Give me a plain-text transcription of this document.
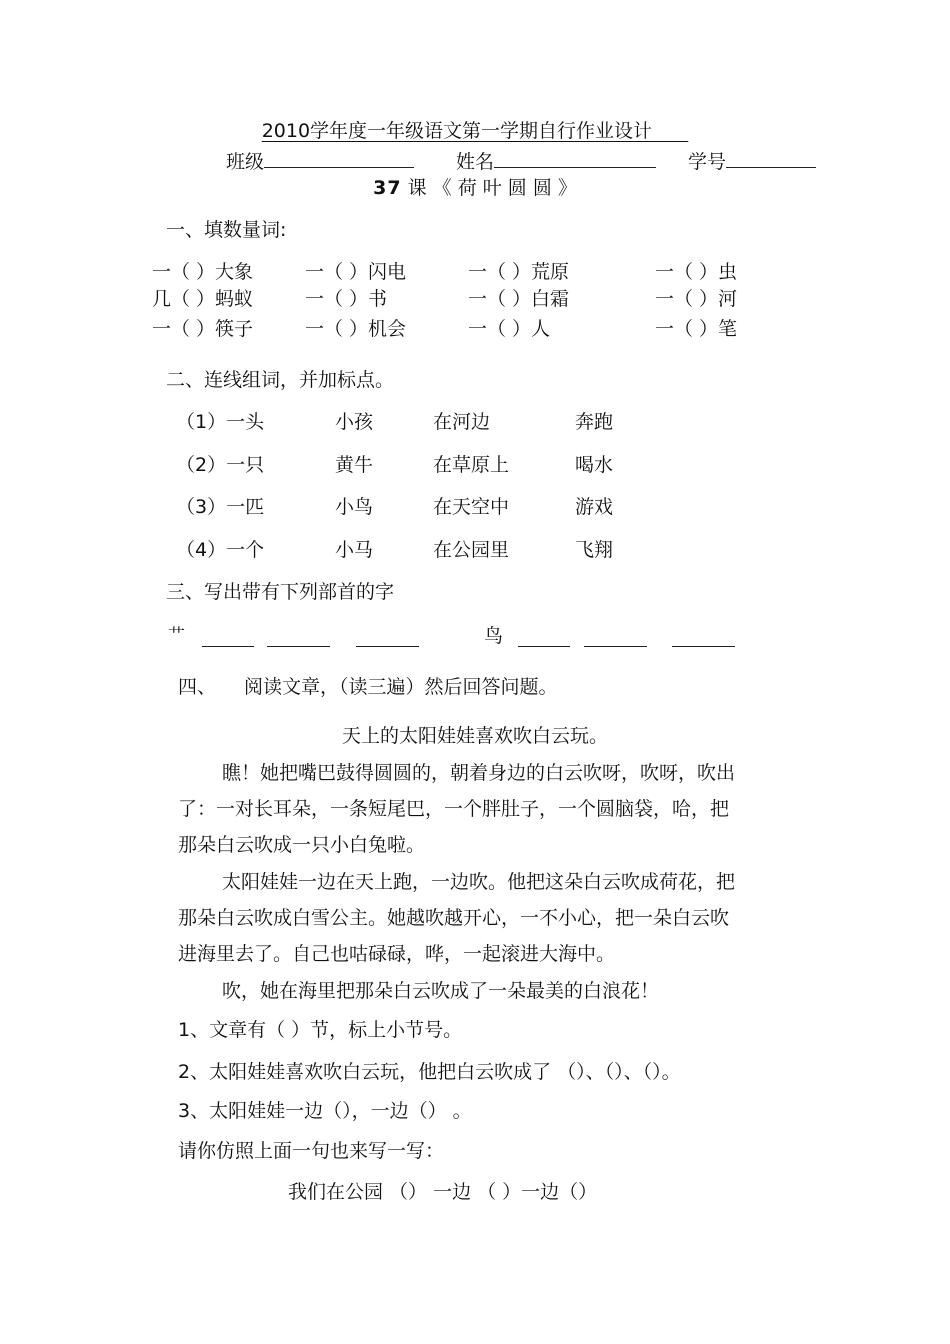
2010学年度一年级语文第一学期自行作业设计
班级	姓名	学号
37 课 《 荷 叶 圆 圆 》
一、填数量词:
一（ ）大象	一（ ）闪电	一（ ）荒原	一（ ）虫
几（ ）蚂蚁	一（ ）书	一（ ）白霜	一（ ）河
一（ ）筷子	一（ ）机会	一（ ）人	一（ ）笔
二、连线组词，并加标点。
（1）一头	小孩	在河边	奔跑
（2）一只	黄牛	在草原上	喝水
（3）一匹	小鸟	在天空中	游戏
（4）一个	小马	在公园里	飞翔
三、写出带有下列部首的字
艹	鸟
四、 阅读文章，（读三遍）然后回答问题。
天上的太阳娃娃喜欢吹白云玩。
瞧！她把嘴巴鼓得圆圆的，朝着身边的白云吹呀，吹呀，吹出
了：一对长耳朵，一条短尾巴，一个胖肚子，一个圆脑袋，哈，把
那朵白云吹成一只小白兔啦。
太阳娃娃一边在天上跑，一边吹。他把这朵白云吹成荷花，把
那朵白云吹成白雪公主。她越吹越开心，一不小心，把一朵白云吹
进海里去了。自己也咕碌碌，哗，一起滚进大海中。
吹，她在海里把那朵白云吹成了一朵最美的白浪花！
1、文章有（ ）节，标上小节号。
2、太阳娃娃喜欢吹白云玩，他把白云吹成了 （）、（）、（）。
3、太阳娃娃一边（），一边（） 。
请你仿照上面一句也来写一写：
我们在公园 （） 一边 （ ）一边（）
